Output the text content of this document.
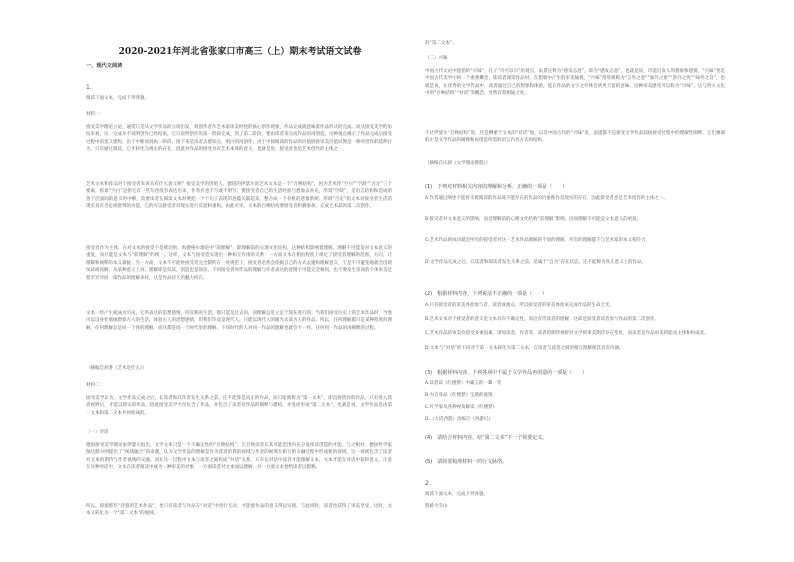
2020-2021年河北省张家口市高三（上）期末考试语文试卷
一、现代文阅读
1.
阅读下面文本，完成下列各题。
材料一：

接受美学理论立论，通常只是从文学作品的立场出发，将创作者作艺术家审美经验的核心创作现象，作品完成就意味着作品形式的完成。而从接受美学的角度来看，这一完成并不说明创作已经结束，它只说明创作的第一阶段完成，到了第二阶段，要由读者来完成作品的再创造。这种观点揭示了作品完成后接受过程中的意义建构，由于中断而到再一阶段，接下来是读者去感知点、明白的再创作。由于中间阅读的作品的价值链接审美价值识便是一种对创作的延伸行为，只有通过阅读，它才转化为现实的存在，因此对作品的接受具有艺术本体的意义，也就是说，接受者也是艺术创作的主体之一。

艺术文本和作品对于接受者来说具有什么意义呢？接受美学的创始人，德国的伊瑟尔说艺术文本是一个“召唤结构”，因为艺术作“空白”“空缺”“否定”三个要素，拆谁“空白”是指它有一些东西没有表达出来，作者有意不写或不明写，要接受者自己的生活经验与想象去补充，所谓“空缺”，是语言结构和造成的各个层面间的意义的中断，需要读者在阅读文本时要把一个个句子表现的意蕴关联起来。整合成一个有机的意象系统；所谓“否定”指文本对接受者生活的现实具有否定或批判的功能，它的可以接受者对现实进行反思和重构。由此可见，文本的召唤结构要接受者积极参加，完成艺术品的第二次创作。

接受者作为主体，在对文本的接受不是被动的，海德格尔理论中“前理解”，即理解前的心理文化结构，这种结构影响着理解。理解不可能是对文本意义的重复，而只能是文本与“前理解”的统一。这样，文本与接受者实现出一种相互作用的关系：一方面文本在相由程度上规定了接受者理解的范围，方向，让理解和阐释的本义靠拢；另一方面，文本不可能将接受者完全制约在一处规范上，接受者必然会依据自己的方式去建构理解意义，于是不可避免地就会出现误读或误解，从某种意义上说，理解即是误读，创造也是误读，不同接受者对作品的理解与作者表达的意图不可能完全相同，也不要发生误读的个体审美过程差异对同一部作品的理解多样，这是作品持久的魅力所在。

文本一经产生就成为历史，它所表达的思想感情、所反映的生活，都只能是过去的，而理解总是立足于现在进行的。当我们接受历史上的艺术作品时，当然可以设身处地地想象古人的生活，体验古人的思想感情，但我们毕竟是现代人，只能以现代人的眼光去读古人的作品，所以，任何理解都只是某种程度的理解，任何理解总是同一个体的理解，而这都是同一个时代里的理解，不同时代的人对同一作品的理解也就会不一样，任何同一作品的再阐释的过程。

（摘编自胡著《艺术是什么》）
材料二：

接受美学认为，文学作品完成之后，在读者和其作者发生关系之前，还不能算是真正的作品，而只能被称为“第一文本”，即直接创作的作品，只有进入读者视野后，才能以现实的作品，因此接受美学不仅包含了作品，并包含了读者对作品的阐释与建构，并进而形成“第二文本”，也就是说，文学作品是由第一文本和第二文本共同构成的。

（一）对话

德国接受美学理论家伊瑟尔指出，文学文本只是一个不确定性的“召唤结构”，它召唤读者在其可能范围内充分发挥其创造的才能。与之相对，德国哲学家伽达默尔则提出了“视域融合”的命题，认为文学作品的理解是作为读者的我的视域与作者的视域在相互的交融过程中形成新的视域，这一视域包含了读者对文本的期待与作者视域的交融。而在这一过程中文本与读者之间构成“对话”关系，只有在对话中读者才能理解文本，文本才能在对话中获得意义，正是在这种对话中，文本在读者阅读中成为一种审美的对象，一方面读者对文本加以理解，另一方面文本也给读者以影响。

所以，即使那些“诗意的艺术作品”，也只有读者与作品在“对话”中进行互动，才能使作品的意义得以实现，与此同时，读者也获得了审美享受。这时，文本又转化为一个“第二文本”的视域。

的“第二文本”。
（二）兴味

中国古代文论中提倡的“兴味”，孔子“诗可以兴”的观点，朱熹注释为“感发志意”，即为“感发志意”，也就是说，诗能启发人的想象和感情。“兴味”也是中国古代美学中的一个重要概念，即读者阅读作品时，在想象中产生的审美愉悦，“兴味”常常被称为“言外之意”“象外之象”“韵外之致”“味外之旨”，也就是说，在优秀的文学作品中，读者通过自己的想象和体验，能在作品的文字之外体会到更丰富的意味，这种审美感受可以称为“兴味”，这与西方文化中的“召唤结构”“对话”等概念，显然有着相通之处。

不过伊瑟尔“召唤结构”说，还是侧重于文本的“对话”地，以及中国古代的“兴味”说，前提都不是接受文学作品间接接受过程中的理解性阐释，它们强调的正是文学作品的阐释和再创造所需的语言内容方式和结构。

（摘编自庆炳《文学理论教程》）
(1)　下列对材料相关内容的理解和分析，正确的一项是（　　）
A.作者通过阐述不能将未被阅读的作品或不能存在的作品的价值称作是现实的存在，因此接受者也是艺术创作的主体之一。
B.接受者对文本意义的影响，而受理解前的心理文化结构“前理解”影响，因而理解不可能是文本意义的重复。
C.艺术作品的成功就是所有的接受者对这一艺术作品理解的不同的理解，所有的理解都不与艺术家的本义相符合。
D.文学作品完成之后，在读者和阅读者发生关系之前，是属于“自为”存在状态，还不能称为真正意义上的作品。
(2)　根据材料内容，下列说法不正确的一项是（　　）
A.只有接受者的审美体验参与者、读者或观众，所以接受者的审美体验来完成作品的生命之光。
B.艺术文本对于接受者的意义是文本具有不确定性，而这有待读者的理解，这即是接受者读者参与作品的第二次创作。
C.艺术作品的审美价值受多重因素、诸如读者，作者等，读者的期待视野对文学的审美期待存在变化，而读者是作品审美的能动主体和构成者。
D.文本与“对话”的不同对于第一文本转化为第二文本，在读者与读者之间的相互理解使其具有内涵。
(3)　根据材料内容，下列各项中不属于文学作品再创造的一项是（　　）
A.读者读《红楼梦》中藏玉的一颦一笑
B.为自身品《红楼梦》宝黛的爱情
C.红学家从各种视角解读《红楼梦》
D.《大话西游》改编自《西游记》
(4)　请结合材料内容，给“第二文本”下一个简要定义。
(5)　请简要梳理材料一的行文脉络。
2.
阅读下面文本，完成下列各题。
鹊桥大雪山
